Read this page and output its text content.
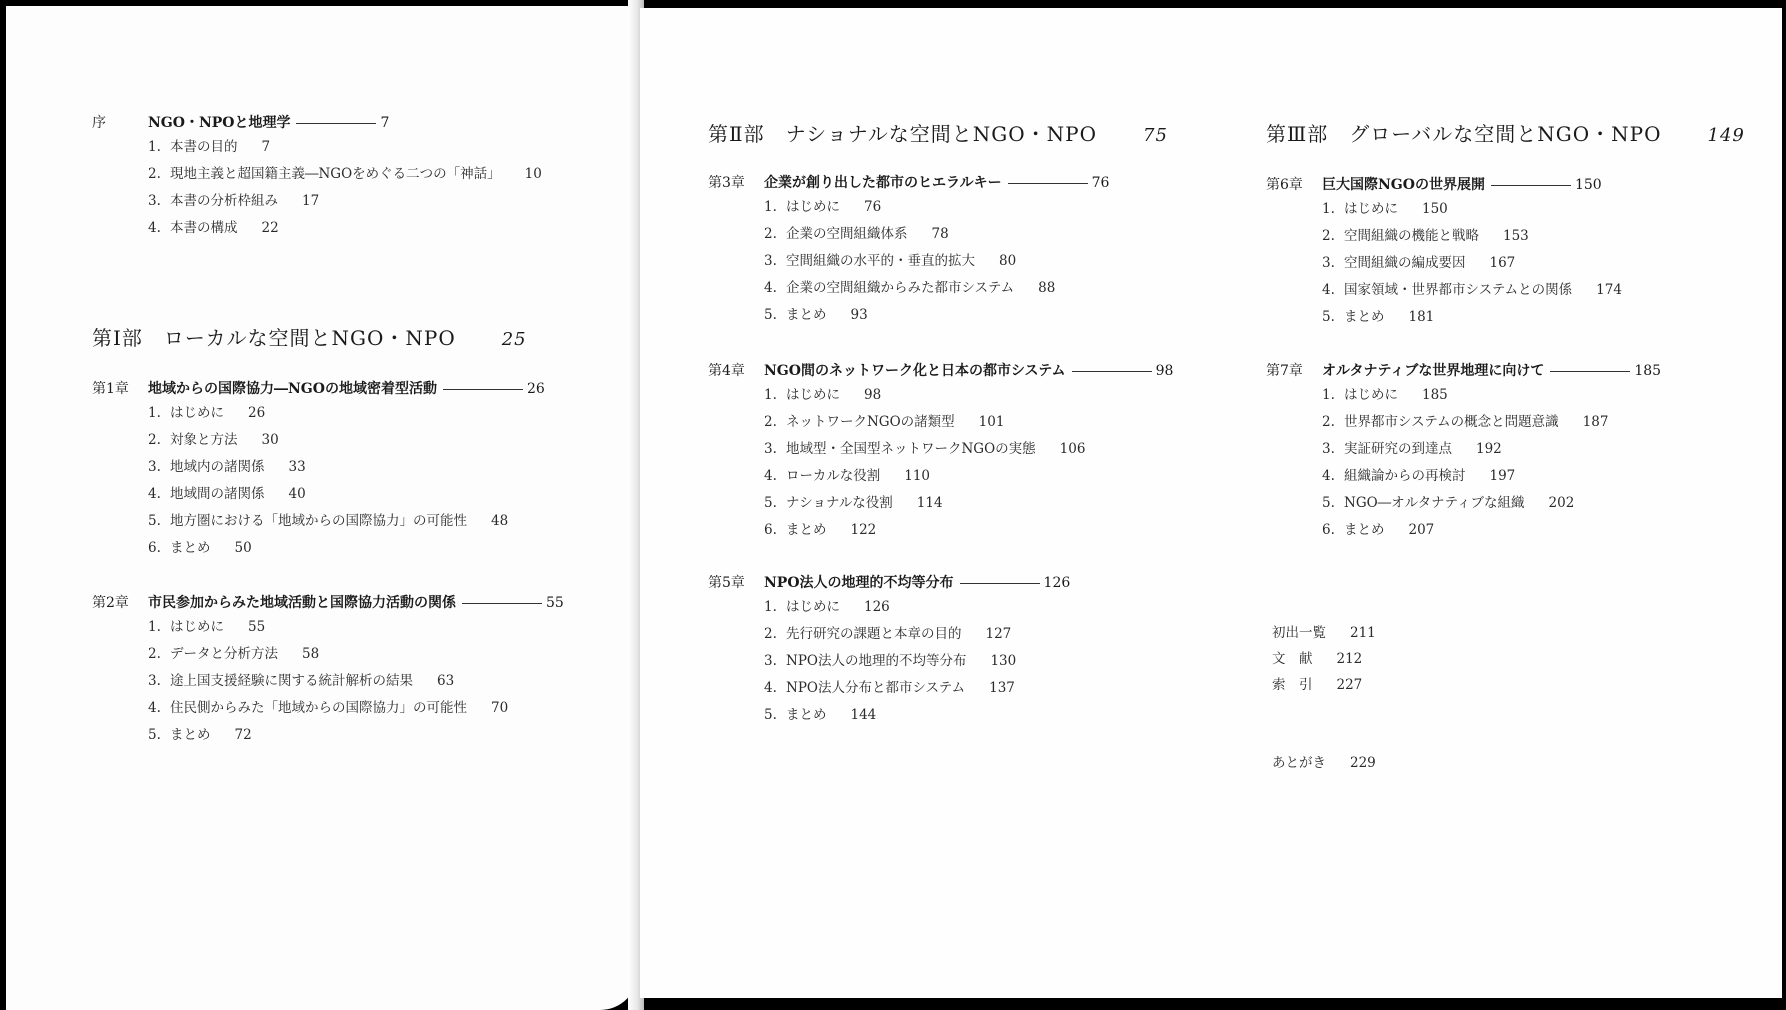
序	NGO・NPOと地理学	7
1. 本書の目的 7
2. 現地主義と超国籍主義―NGOをめぐる二つの「神話」 10
3. 本書の分析枠組み 17
4. 本書の構成 22
第Ⅰ部　ローカルな空間とNGO・NPO	25
第1章 地域からの国際協力―NGOの地域密着型活動	26
1. はじめに 26
2. 対象と方法 30
3. 地域内の諸関係 33
4. 地域間の諸関係 40
5. 地方圏における「地域からの国際協力」の可能性 48
6. まとめ 50
第2章 市民参加からみた地域活動と国際協力活動の関係	55
1. はじめに 55
2. データと分析方法 58
3. 途上国支援経験に関する統計解析の結果 63
4. 住民側からみた「地域からの国際協力」の可能性 70
5. まとめ 72
第Ⅱ部　ナショナルな空間とNGO・NPO	75
第3章 企業が創り出した都市のヒエラルキー	76
1. はじめに 76
2. 企業の空間組織体系 78
3. 空間組織の水平的・垂直的拡大 80
4. 企業の空間組織からみた都市システム 88
5. まとめ 93
第4章 NGO間のネットワーク化と日本の都市システム	98
1. はじめに 98
2. ネットワークNGOの諸類型 101
3. 地域型・全国型ネットワークNGOの実態 106
4. ローカルな役割 110
5. ナショナルな役割 114
6. まとめ 122
第5章 NPO法人の地理的不均等分布	126
1. はじめに 126
2. 先行研究の課題と本章の目的 127
3. NPO法人の地理的不均等分布 130
4. NPO法人分布と都市システム 137
5. まとめ 144
第Ⅲ部　グローバルな空間とNGO・NPO	149
第6章 巨大国際NGOの世界展開	150
1. はじめに 150
2. 空間組織の機能と戦略 153
3. 空間組織の編成要因 167
4. 国家領域・世界都市システムとの関係 174
5. まとめ 181
第7章 オルタナティブな世界地理に向けて	185
1. はじめに 185
2. 世界都市システムの概念と問題意識 187
3. 実証研究の到達点 192
4. 組織論からの再検討 197
5. NGO―オルタナティブな組織 202
6. まとめ 207
初出一覧 211
文　献 212
索　引 227
あとがき 229
